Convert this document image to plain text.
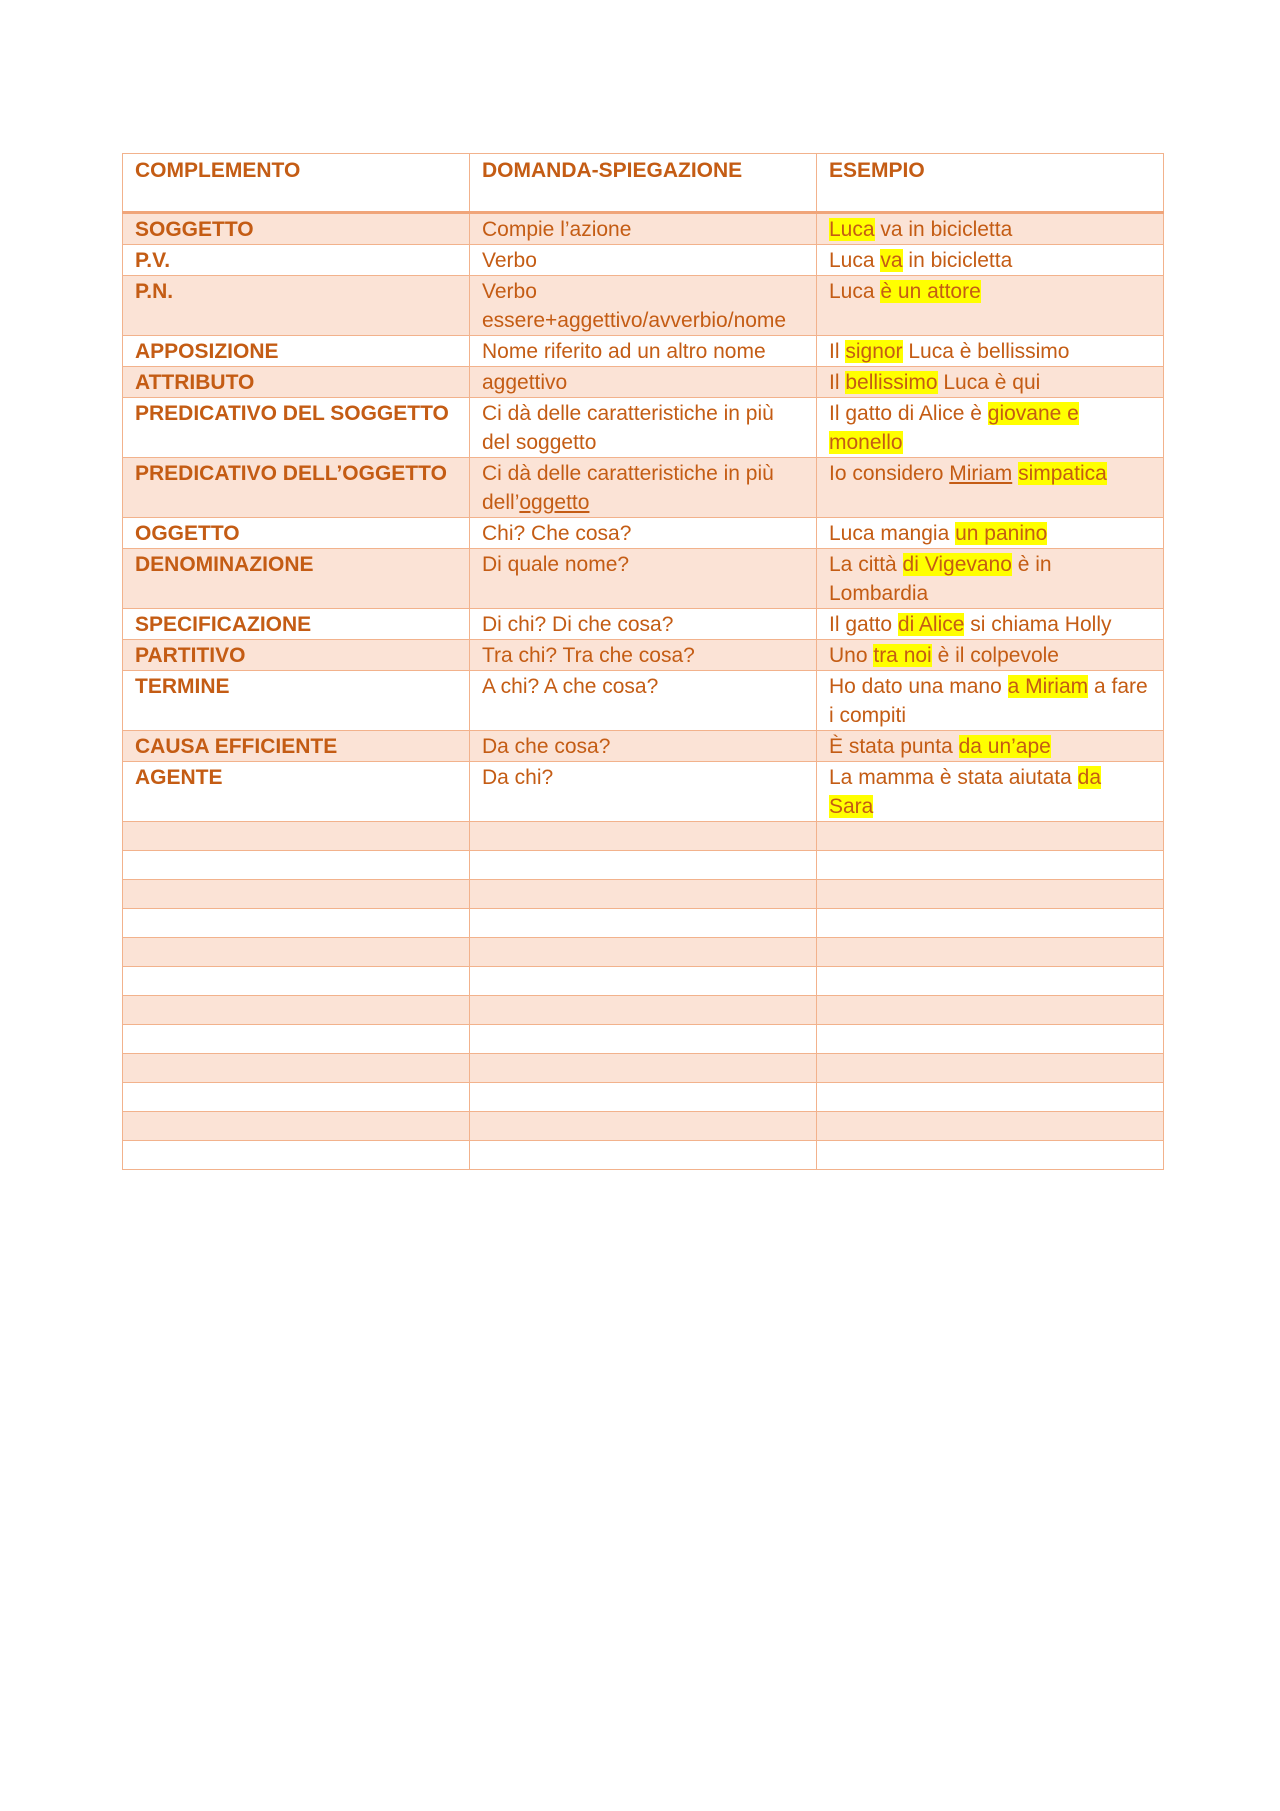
COMPLEMENTO	DOMANDA-SPIEGAZIONE	ESEMPIO
SOGGETTO	Compie l’azione	Luca va in bicicletta
P.V.	Verbo	Luca va in bicicletta
P.N.	Verbo essere+aggettivo/avverbio/nome	Luca è un attore
APPOSIZIONE	Nome riferito ad un altro nome	Il signor Luca è bellissimo
ATTRIBUTO	aggettivo	Il bellissimo Luca è qui
PREDICATIVO DEL SOGGETTO	Ci dà delle caratteristiche in più del soggetto	Il gatto di Alice è giovane e monello
PREDICATIVO DELL’OGGETTO	Ci dà delle caratteristiche in più dell’oggetto	Io considero Miriam simpatica
OGGETTO	Chi? Che cosa?	Luca mangia un panino
DENOMINAZIONE	Di quale nome?	La città di Vigevano è in Lombardia
SPECIFICAZIONE	Di chi? Di che cosa?	Il gatto di Alice si chiama Holly
PARTITIVO	Tra chi? Tra che cosa?	Uno tra noi è il colpevole
TERMINE	A chi? A che cosa?	Ho dato una mano a Miriam a fare i compiti
CAUSA EFFICIENTE	Da che cosa?	È stata punta da un’ape
AGENTE	Da chi?	La mamma è stata aiutata da Sara
